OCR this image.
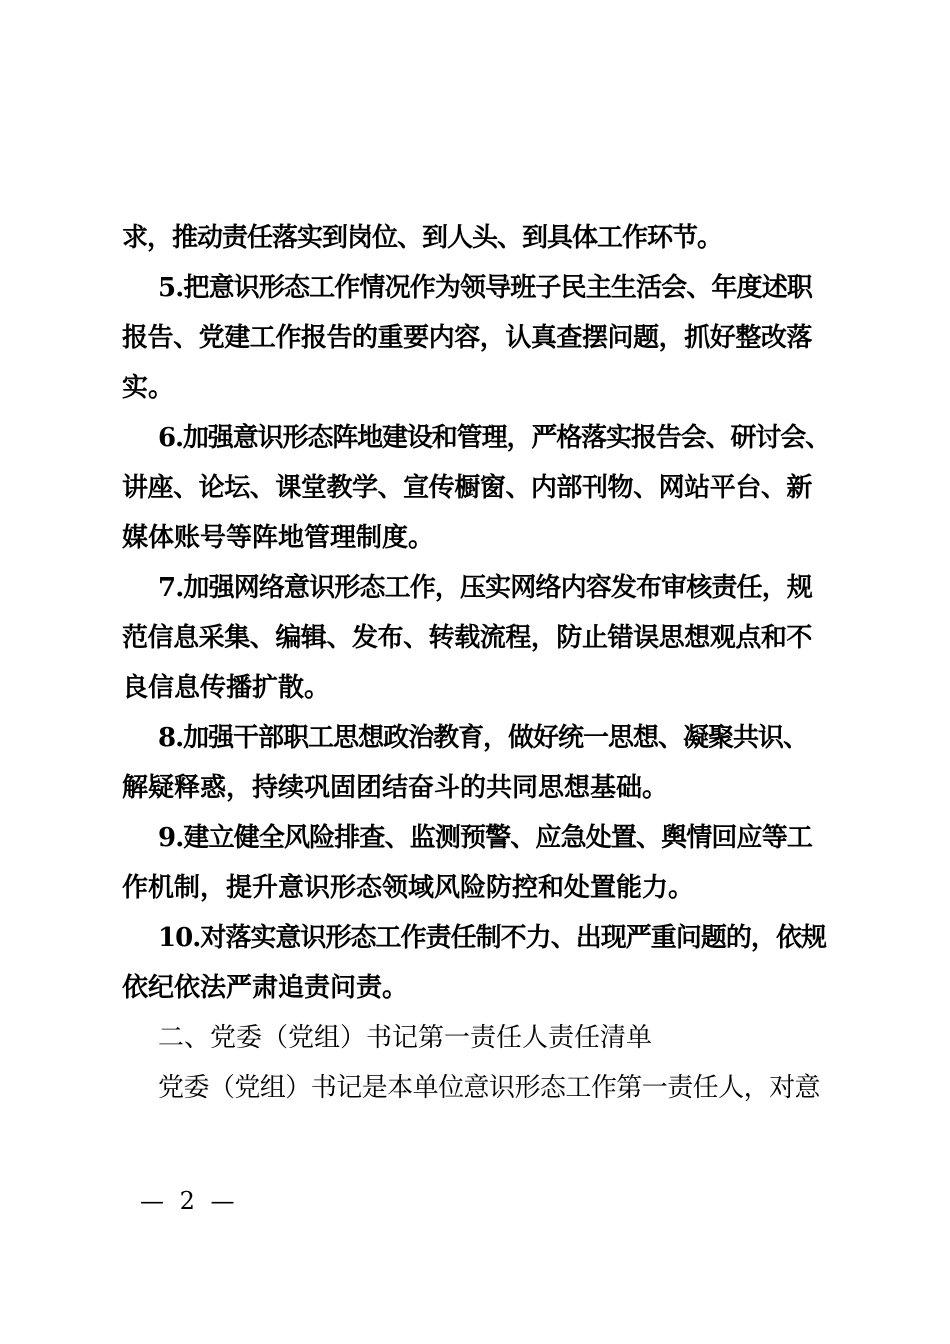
求，推动责任落实到岗位、到人头、到具体工作环节。
5.把意识形态工作情况作为领导班子民主生活会、年度述职
报告、党建工作报告的重要内容，认真查摆问题，抓好整改落
实。
6.加强意识形态阵地建设和管理，严格落实报告会、研讨会、
讲座、论坛、课堂教学、宣传橱窗、内部刊物、网站平台、新
媒体账号等阵地管理制度。
7.加强网络意识形态工作，压实网络内容发布审核责任，规
范信息采集、编辑、发布、转载流程，防止错误思想观点和不
良信息传播扩散。
8.加强干部职工思想政治教育，做好统一思想、凝聚共识、
解疑释惑，持续巩固团结奋斗的共同思想基础。
9.建立健全风险排查、监测预警、应急处置、舆情回应等工
作机制，提升意识形态领域风险防控和处置能力。
10.对落实意识形态工作责任制不力、出现严重问题的，依规
依纪依法严肃追责问责。
二、党委（党组）书记第一责任人责任清单
党委（党组）书记是本单位意识形态工作第一责任人，对意
— 2 —
